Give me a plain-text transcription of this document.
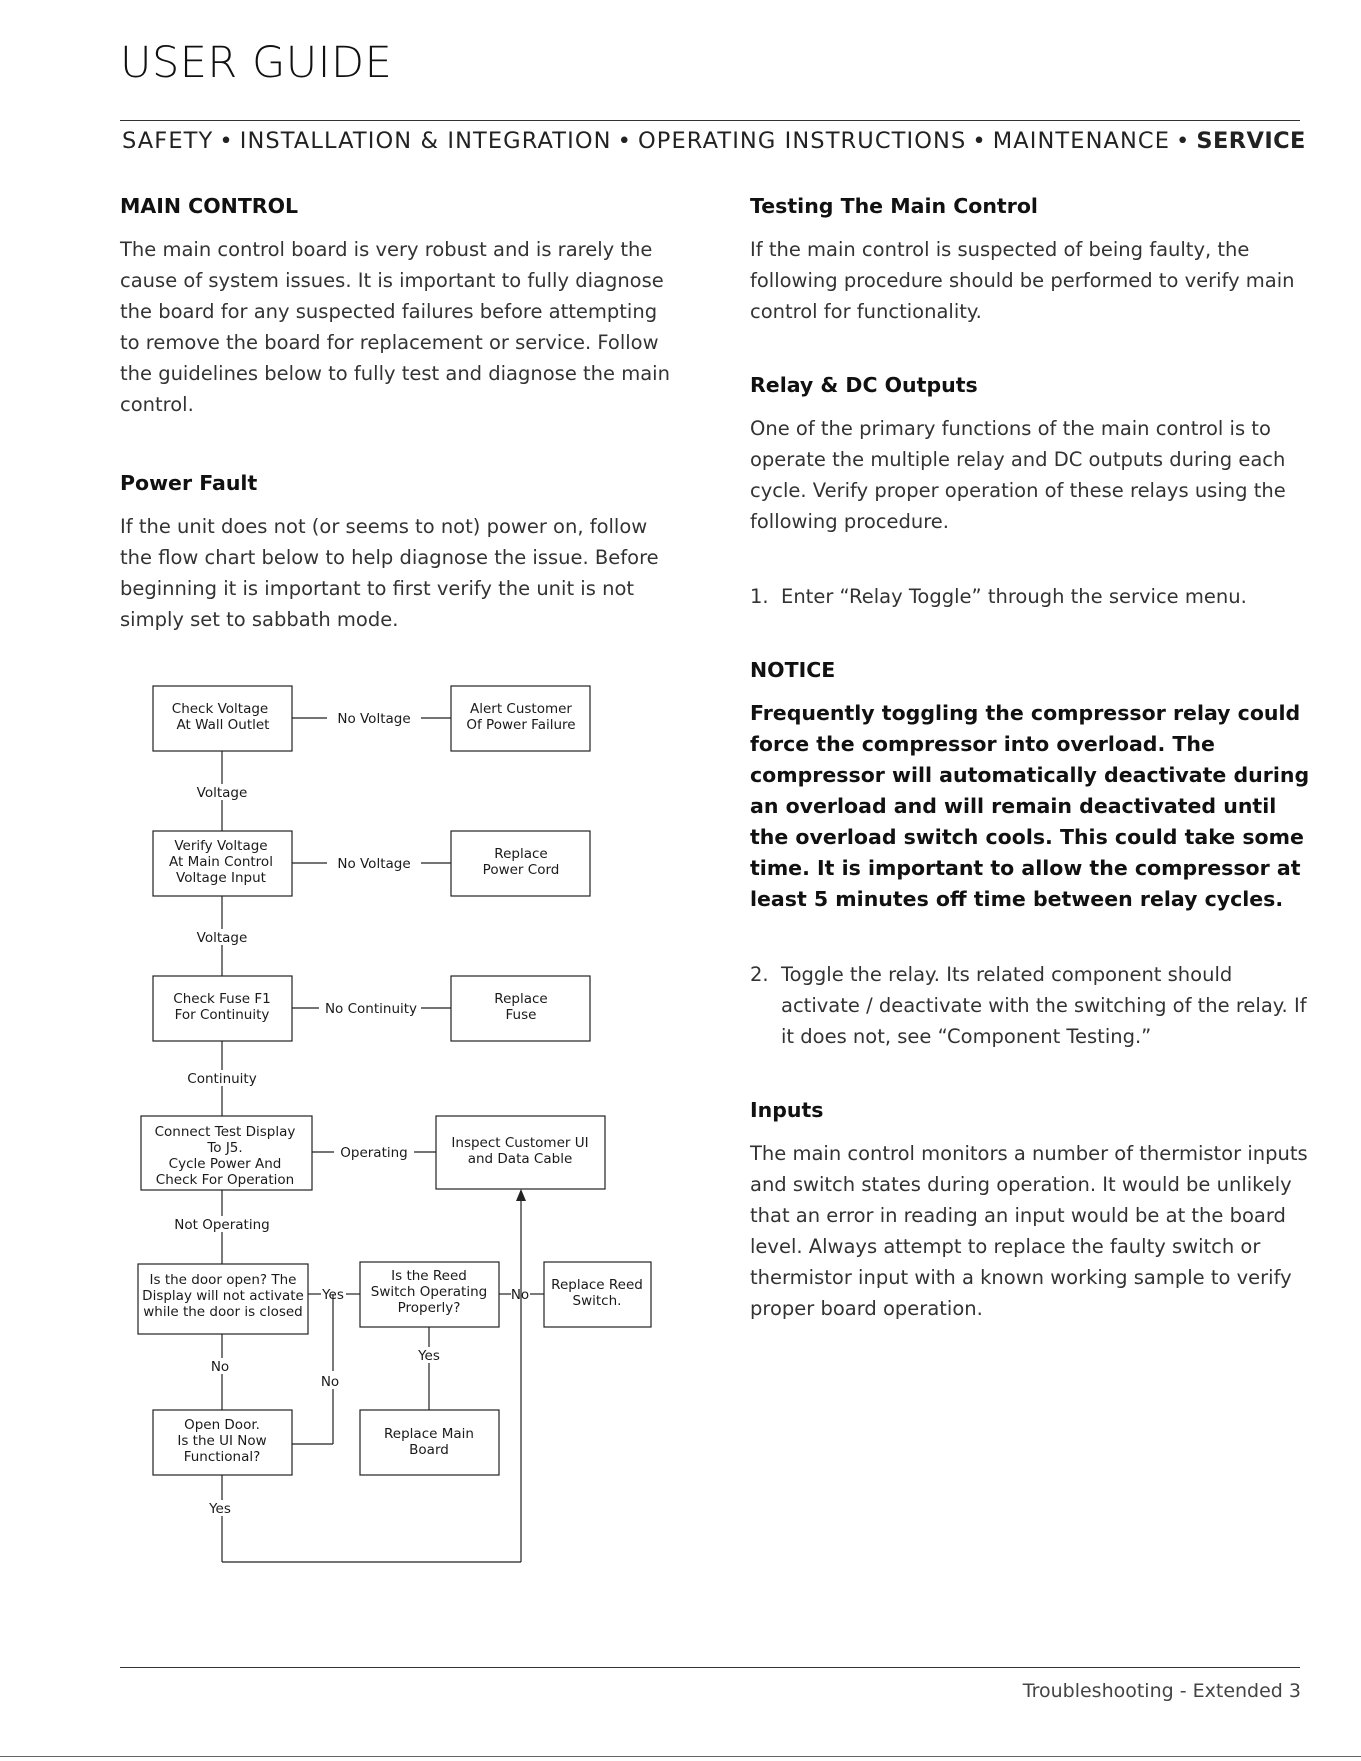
USER GUIDE
SAFETY • INSTALLATION & INTEGRATION • OPERATING INSTRUCTIONS • MAINTENANCE • SERVICE
MAIN CONTROL

The main control board is very robust and is rarely the cause of system issues. It is important to fully diagnose the board for any suspected failures before attempting to remove the board for replacement or service. Follow the guidelines below to fully test and diagnose the main control.

Power Fault

If the unit does not (or seems to not) power on, follow the flow chart below to help diagnose the issue. Before beginning it is important to first verify the unit is not simply set to sabbath mode.

Check Voltage At Wall Outlet
Alert Customer Of Power Failure
Verify Voltage At Main Control Voltage Input
Replace Power Cord
Check Fuse F1 For Continuity
Replace Fuse
Connect Test Display To J5. Cycle Power And Check For Operation
Inspect Customer UI and Data Cable
Is the door open? The Display will not activate while the door is closed
Is the Reed Switch Operating Properly?
Replace Reed Switch.
Open Door. Is the UI Now Functional?
Replace Main Board
No Voltage
Voltage
No Voltage
Voltage
No Continuity
Continuity
Operating
Not Operating
Yes	No
Yes
No
No
Yes
Testing The Main Control

If the main control is suspected of being faulty, the following procedure should be performed to verify main control for functionality.

Relay & DC Outputs

One of the primary functions of the main control is to operate the multiple relay and DC outputs during each cycle. Verify proper operation of these relays using the following procedure.

1. Enter “Relay Toggle” through the service menu.
NOTICE

Frequently toggling the compressor relay could force the compressor into overload. The compressor will automatically deactivate during an overload and will remain deactivated until the overload switch cools. This could take some time. It is important to allow the compressor at least 5 minutes off time between relay cycles.

2. Toggle the relay. Its related component should activate / deactivate with the switching of the relay. If it does not, see “Component Testing.”
Inputs

The main control monitors a number of thermistor inputs and switch states during operation. It would be unlikely that an error in reading an input would be at the board level. Always attempt to replace the faulty switch or thermistor input with a known working sample to verify proper board operation.

Troubleshooting - Extended 3
